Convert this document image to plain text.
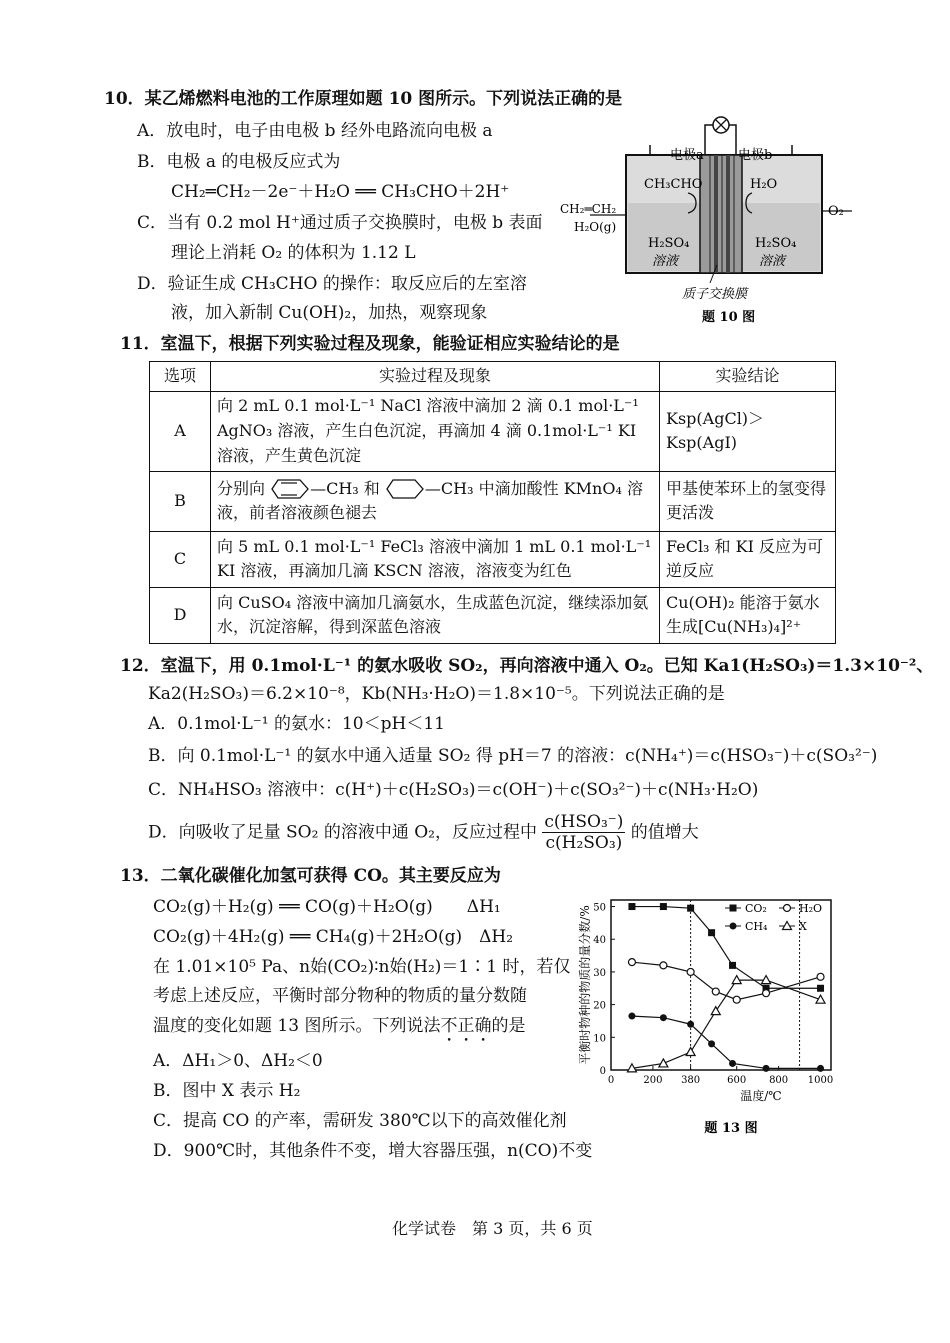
10．某乙烯燃料电池的工作原理如题 10 图所示。下列说法正确的是
A．放电时，电子由电极 b 经外电路流向电极 a
B．电极 a 的电极反应式为
CH₂═CH₂－2e⁻＋H₂O ══ CH₃CHO＋2H⁺
C．当有 0.2 mol H⁺通过质子交换膜时，电极 b 表面
理论上消耗 O₂ 的体积为 1.12 L
D．验证生成 CH₃CHO 的操作：取反应后的左室溶
液，加入新制 Cu(OH)₂，加热，观察现象
电极a	电极b
CH₃CHO	H₂O
CH₂═CH₂
H₂O(g)
O₂
H₂SO₄
溶液
H₂SO₄
溶液
质子交换膜
题 10 图
11．室温下，根据下列实验过程及现象，能验证相应实验结论的是
选项	实验过程及现象	实验结论
A	向 2 mL 0.1 mol·L⁻¹ NaCl 溶液中滴加 2 滴 0.1 mol·L⁻¹ AgNO₃ 溶液，产生白色沉淀，再滴加 4 滴 0.1mol·L⁻¹ KI 溶液，产生黄色沉淀	Ksp(AgCl)＞Ksp(AgI)
B	分别向 —CH₃ 和 —CH₃ 中滴加酸性 KMnO₄ 溶
液，前者溶液颜色褪去	甲基使苯环上的氢变得更活泼
C	向 5 mL 0.1 mol·L⁻¹ FeCl₃ 溶液中滴加 1 mL 0.1 mol·L⁻¹ KI 溶液，再滴加几滴 KSCN 溶液，溶液变为红色	FeCl₃ 和 KI 反应为可逆反应
D	向 CuSO₄ 溶液中滴加几滴氨水，生成蓝色沉淀，继续添加氨水，沉淀溶解，得到深蓝色溶液	Cu(OH)₂ 能溶于氨水生成[Cu(NH₃)₄]²⁺
12．室温下，用 0.1mol·L⁻¹ 的氨水吸收 SO₂，再向溶液中通入 O₂。已知 Ka1(H₂SO₃)＝1.3×10⁻²、
Ka2(H₂SO₃)＝6.2×10⁻⁸，Kb(NH₃·H₂O)＝1.8×10⁻⁵。下列说法正确的是
A．0.1mol·L⁻¹ 的氨水：10＜pH＜11
B．向 0.1mol·L⁻¹ 的氨水中通入适量 SO₂ 得 pH＝7 的溶液：c(NH₄⁺)＝c(HSO₃⁻)＋c(SO₃²⁻)
C．NH₄HSO₃ 溶液中：c(H⁺)＋c(H₂SO₃)＝c(OH⁻)＋c(SO₃²⁻)＋c(NH₃·H₂O)
D．向吸收了足量 SO₂ 的溶液中通 O₂，反应过程中 $\frac{\text{c(HSO₃⁻)}}{\text{c(H₂SO₃)}}$ 的值增大
13．二氧化碳催化加氢可获得 CO。其主要反应为
CO₂(g)＋H₂(g) ══ CO(g)＋H₂O(g)　　ΔH₁
CO₂(g)＋4H₂(g) ══ CH₄(g)＋2H₂O(g)　ΔH₂
在 1.01×10⁵ Pa、n始(CO₂)∶n始(H₂)＝1∶1 时，若仅
考虑上述反应，平衡时部分物种的物质的量分数随
温度的变化如题 13 图所示。下列说法不正确的是
A．ΔH₁＞0、ΔH₂＜0
B．图中 X 表示 H₂
C．提高 CO 的产率，需研发 380℃以下的高效催化剂
D．900℃时，其他条件不变，增大容器压强，n(CO)不变
0
10
20
30
40
50
0	200 380	600 800 1000
温度/℃
平衡时物种的物质的量分数/%	CO₂	H₂O
CH₄	X
题 13 图
化学试卷　第 3 页，共 6 页
